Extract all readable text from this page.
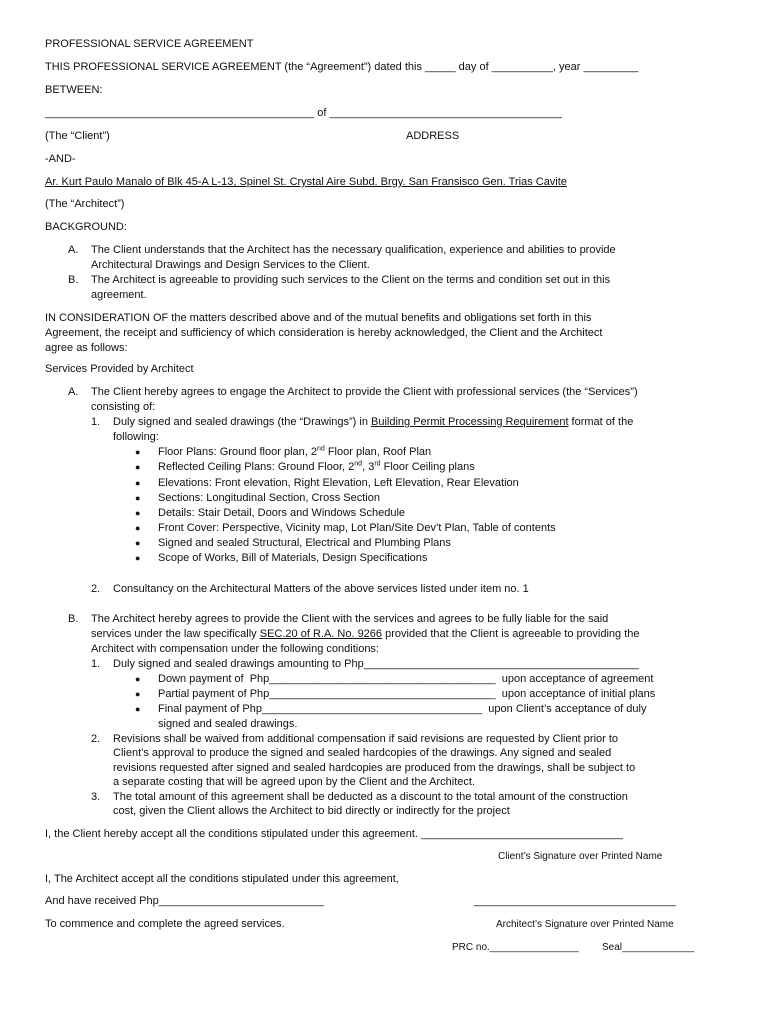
PROFESSIONAL SERVICE AGREEMENT
THIS PROFESSIONAL SERVICE AGREEMENT (the “Agreement”) dated this _____ day of __________, year _________
BETWEEN:
____________________________________________ of ______________________________________
(The “Client”)	ADDRESS
-AND-
Ar. Kurt Paulo Manalo of Blk 45-A L-13, Spinel St. Crystal Aire Subd. Brgy. San Fransisco Gen. Trias Cavite
(The “Architect”)
BACKGROUND:
A. The Client understands that the Architect has the necessary qualification, experience and abilities to provide
Architectural Drawings and Design Services to the Client.
B. The Architect is agreeable to providing such services to the Client on the terms and condition set out in this
agreement.
IN CONSIDERATION OF the matters described above and of the mutual benefits and obligations set forth in this
Agreement, the receipt and sufficiency of which consideration is hereby acknowledged, the Client and the Architect
agree as follows:
Services Provided by Architect
A. The Client hereby agrees to engage the Architect to provide the Client with professional services (the “Services”)
consisting of:
1. Duly signed and sealed drawings (the “Drawings”) in Building Permit Processing Requirement format of the
following:
● Floor Plans: Ground floor plan, 2nd Floor plan, Roof Plan
● Reflected Ceiling Plans: Ground Floor, 2nd, 3rd Floor Ceiling plans
● Elevations: Front elevation, Right Elevation, Left Elevation, Rear Elevation
● Sections: Longitudinal Section, Cross Section
● Details: Stair Detail, Doors and Windows Schedule
● Front Cover: Perspective, Vicinity map, Lot Plan/Site Dev’t Plan, Table of contents
● Signed and sealed Structural, Electrical and Plumbing Plans
● Scope of Works, Bill of Materials, Design Specifications
2. Consultancy on the Architectural Matters of the above services listed under item no. 1
B. The Architect hereby agrees to provide the Client with the services and agrees to be fully liable for the said
services under the law specifically SEC.20 of R.A. No. 9266 provided that the Client is agreeable to providing the
Architect with compensation under the following conditions:
1. Duly signed and sealed drawings amounting to Php_____________________________________________
● Down payment of  Php_____________________________________  upon acceptance of agreement
● Partial payment of Php_____________________________________  upon acceptance of initial plans
● Final payment of Php____________________________________  upon Client’s acceptance of duly
signed and sealed drawings.
2. Revisions shall be waived from additional compensation if said revisions are requested by Client prior to
Client’s approval to produce the signed and sealed hardcopies of the drawings. Any signed and sealed
revisions requested after signed and sealed hardcopies are produced from the drawings, shall be subject to
a separate costing that will be agreed upon by the Client and the Architect.
3. The total amount of this agreement shall be deducted as a discount to the total amount of the construction
cost, given the Client allows the Architect to bid directly or indirectly for the project
I, the Client hereby accept all the conditions stipulated under this agreement. _________________________________
Client’s Signature over Printed Name
I, The Architect accept all the conditions stipulated under this agreement,
And have received Php___________________________	_________________________________
To commence and complete the agreed services.	Architect’s Signature over Printed Name
PRC no.________________ Seal_____________
